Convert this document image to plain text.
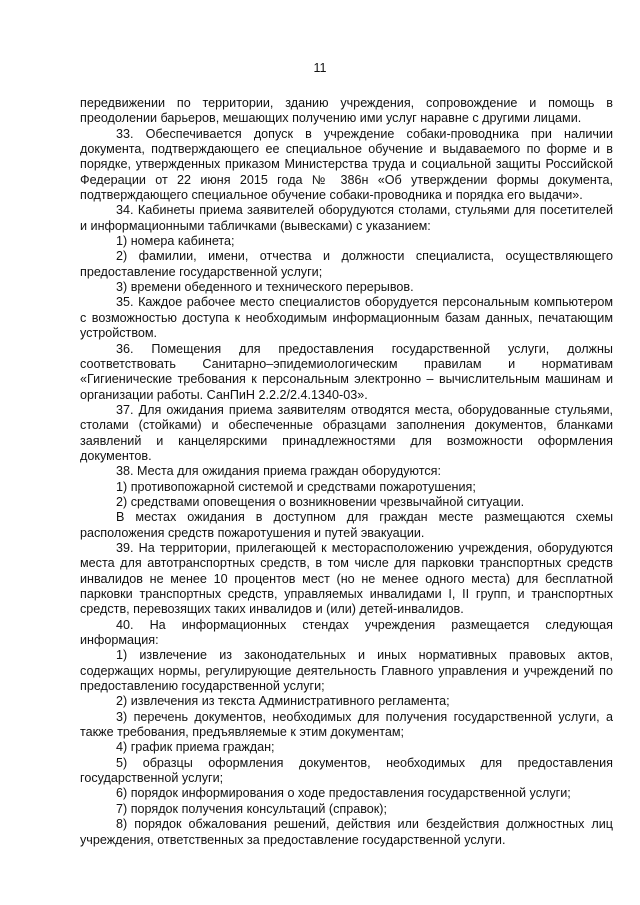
11

передвижении по территории, зданию учреждения, сопровождение и помощь в преодолении барьеров, мешающих получению ими услуг наравне с другими лицами.

33. Обеспечивается допуск в учреждение собаки-проводника при наличии документа, подтверждающего ее специальное обучение и выдаваемого по форме и в порядке, утвержденных приказом Министерства труда и социальной защиты Российской Федерации от 22 июня 2015 года № 386н «Об утверждении формы документа, подтверждающего специальное обучение собаки-проводника и порядка его выдачи».

34. Кабинеты приема заявителей оборудуются столами, стульями для посетителей и информационными табличками (вывесками) с указанием:

1) номера кабинета;

2) фамилии, имени, отчества и должности специалиста, осуществляющего предоставление государственной услуги;

3) времени обеденного и технического перерывов.

35. Каждое рабочее место специалистов оборудуется персональным компьютером с возможностью доступа к необходимым информационным базам данных, печатающим устройством.

36. Помещения для предоставления государственной услуги, должны соответствовать Санитарно–эпидемиологическим правилам и нормативам «Гигиенические требования к персональным электронно – вычислительным машинам и организации работы. СанПиН 2.2.2/2.4.1340-03».

37. Для ожидания приема заявителям отводятся места, оборудованные стульями, столами (стойками) и обеспеченные образцами заполнения документов, бланками заявлений и канцелярскими принадлежностями для возможности оформления документов.

38. Места для ожидания приема граждан оборудуются:

1) противопожарной системой и средствами пожаротушения;

2) средствами оповещения о возникновении чрезвычайной ситуации.

В местах ожидания в доступном для граждан месте размещаются схемы расположения средств пожаротушения и путей эвакуации.

39. На территории, прилегающей к месторасположению учреждения, оборудуются места для автотранспортных средств, в том числе для парковки транспортных средств инвалидов не менее 10 процентов мест (но не менее одного места) для бесплатной парковки транспортных средств, управляемых инвалидами I, II групп, и транспортных средств, перевозящих таких инвалидов и (или) детей-инвалидов.

40. На информационных стендах учреждения размещается следующая информация:

1) извлечение из законодательных и иных нормативных правовых актов, содержащих нормы, регулирующие деятельность Главного управления и учреждений по предоставлению государственной услуги;

2) извлечения из текста Административного регламента;

3) перечень документов, необходимых для получения государственной услуги, а также требования, предъявляемые к этим документам;

4) график приема граждан;

5) образцы оформления документов, необходимых для предоставления государственной услуги;

6) порядок информирования о ходе предоставления государственной услуги;

7) порядок получения консультаций (справок);

8) порядок обжалования решений, действия или бездействия должностных лиц учреждения, ответственных за предоставление государственной услуги.
